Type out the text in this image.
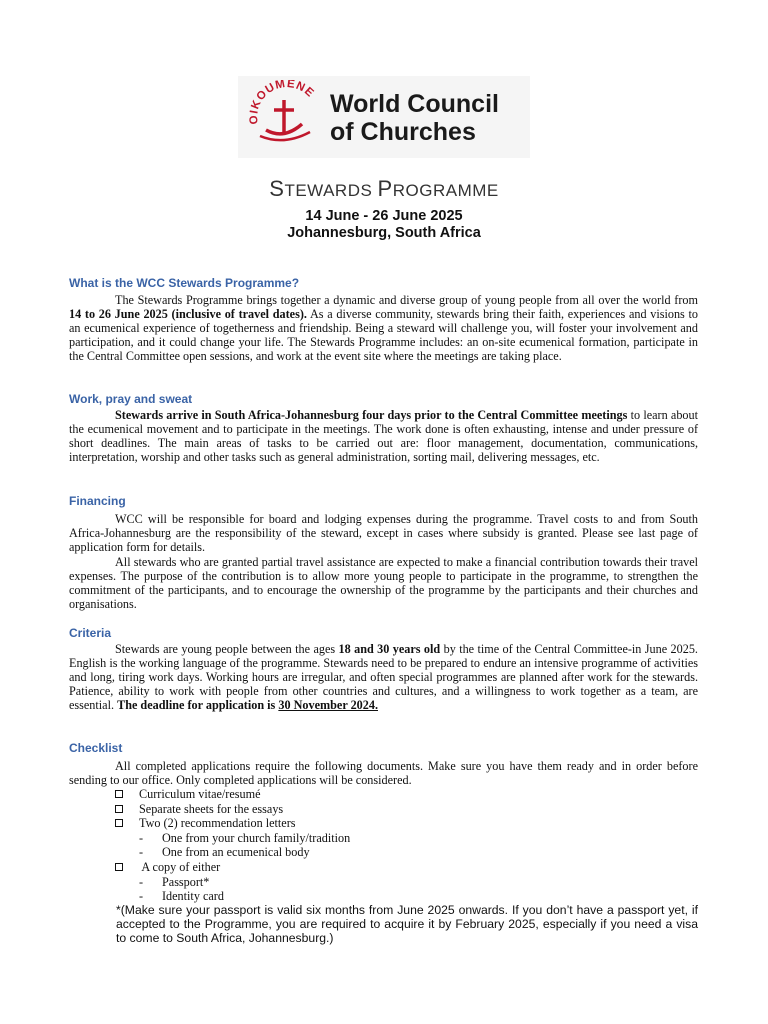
OIKOUMENE World Council
of Churches
STEWARDS PROGRAMME
14 June - 26 June 2025
Johannesburg, South Africa
What is the WCC Stewards Programme?
The Stewards Programme brings together a dynamic and diverse group of young people from all over the world from 14 to 26 June 2025 (inclusive of travel dates). As a diverse community, stewards bring their faith, experiences and visions to an ecumenical experience of togetherness and friendship. Being a steward will challenge you, will foster your involvement and participation, and it could change your life. The Stewards Programme includes: an on-site ecumenical formation, participate in the Central Committee open sessions, and work at the event site where the meetings are taking place.
Work, pray and sweat
Stewards arrive in South Africa-Johannesburg four days prior to the Central Committee meetings to learn about the ecumenical movement and to participate in the meetings. The work done is often exhausting, intense and under pressure of short deadlines. The main areas of tasks to be carried out are: floor management, documentation, communications, interpretation, worship and other tasks such as general administration, sorting mail, delivering messages, etc.
Financing
WCC will be responsible for board and lodging expenses during the programme. Travel costs to and from South Africa-Johannesburg are the responsibility of the steward, except in cases where subsidy is granted. Please see last page of application form for details.
All stewards who are granted partial travel assistance are expected to make a financial contribution towards their travel expenses. The purpose of the contribution is to allow more young people to participate in the programme, to strengthen the commitment of the participants, and to encourage the ownership of the programme by the participants and their churches and organisations.
Criteria
Stewards are young people between the ages 18 and 30 years old by the time of the Central Committee-in June 2025. English is the working language of the programme. Stewards need to be prepared to endure an intensive programme of activities and long, tiring work days. Working hours are irregular, and often special programmes are planned after work for the stewards. Patience, ability to work with people from other countries and cultures, and a willingness to work together as a team, are essential. The deadline for application is 30 November 2024.
Checklist
All completed applications require the following documents. Make sure you have them ready and in order before sending to our office. Only completed applications will be considered.
Curriculum vitae/resumé
Separate sheets for the essays
Two (2) recommendation letters
- One from your church family/tradition
- One from an ecumenical body
A copy of either
- Passport*
- Identity card
*(Make sure your passport is valid six months from June 2025 onwards. If you don’t have a passport yet, if accepted to the Programme, you are required to acquire it by February 2025, especially if you need a visa to come to South Africa, Johannesburg.)
